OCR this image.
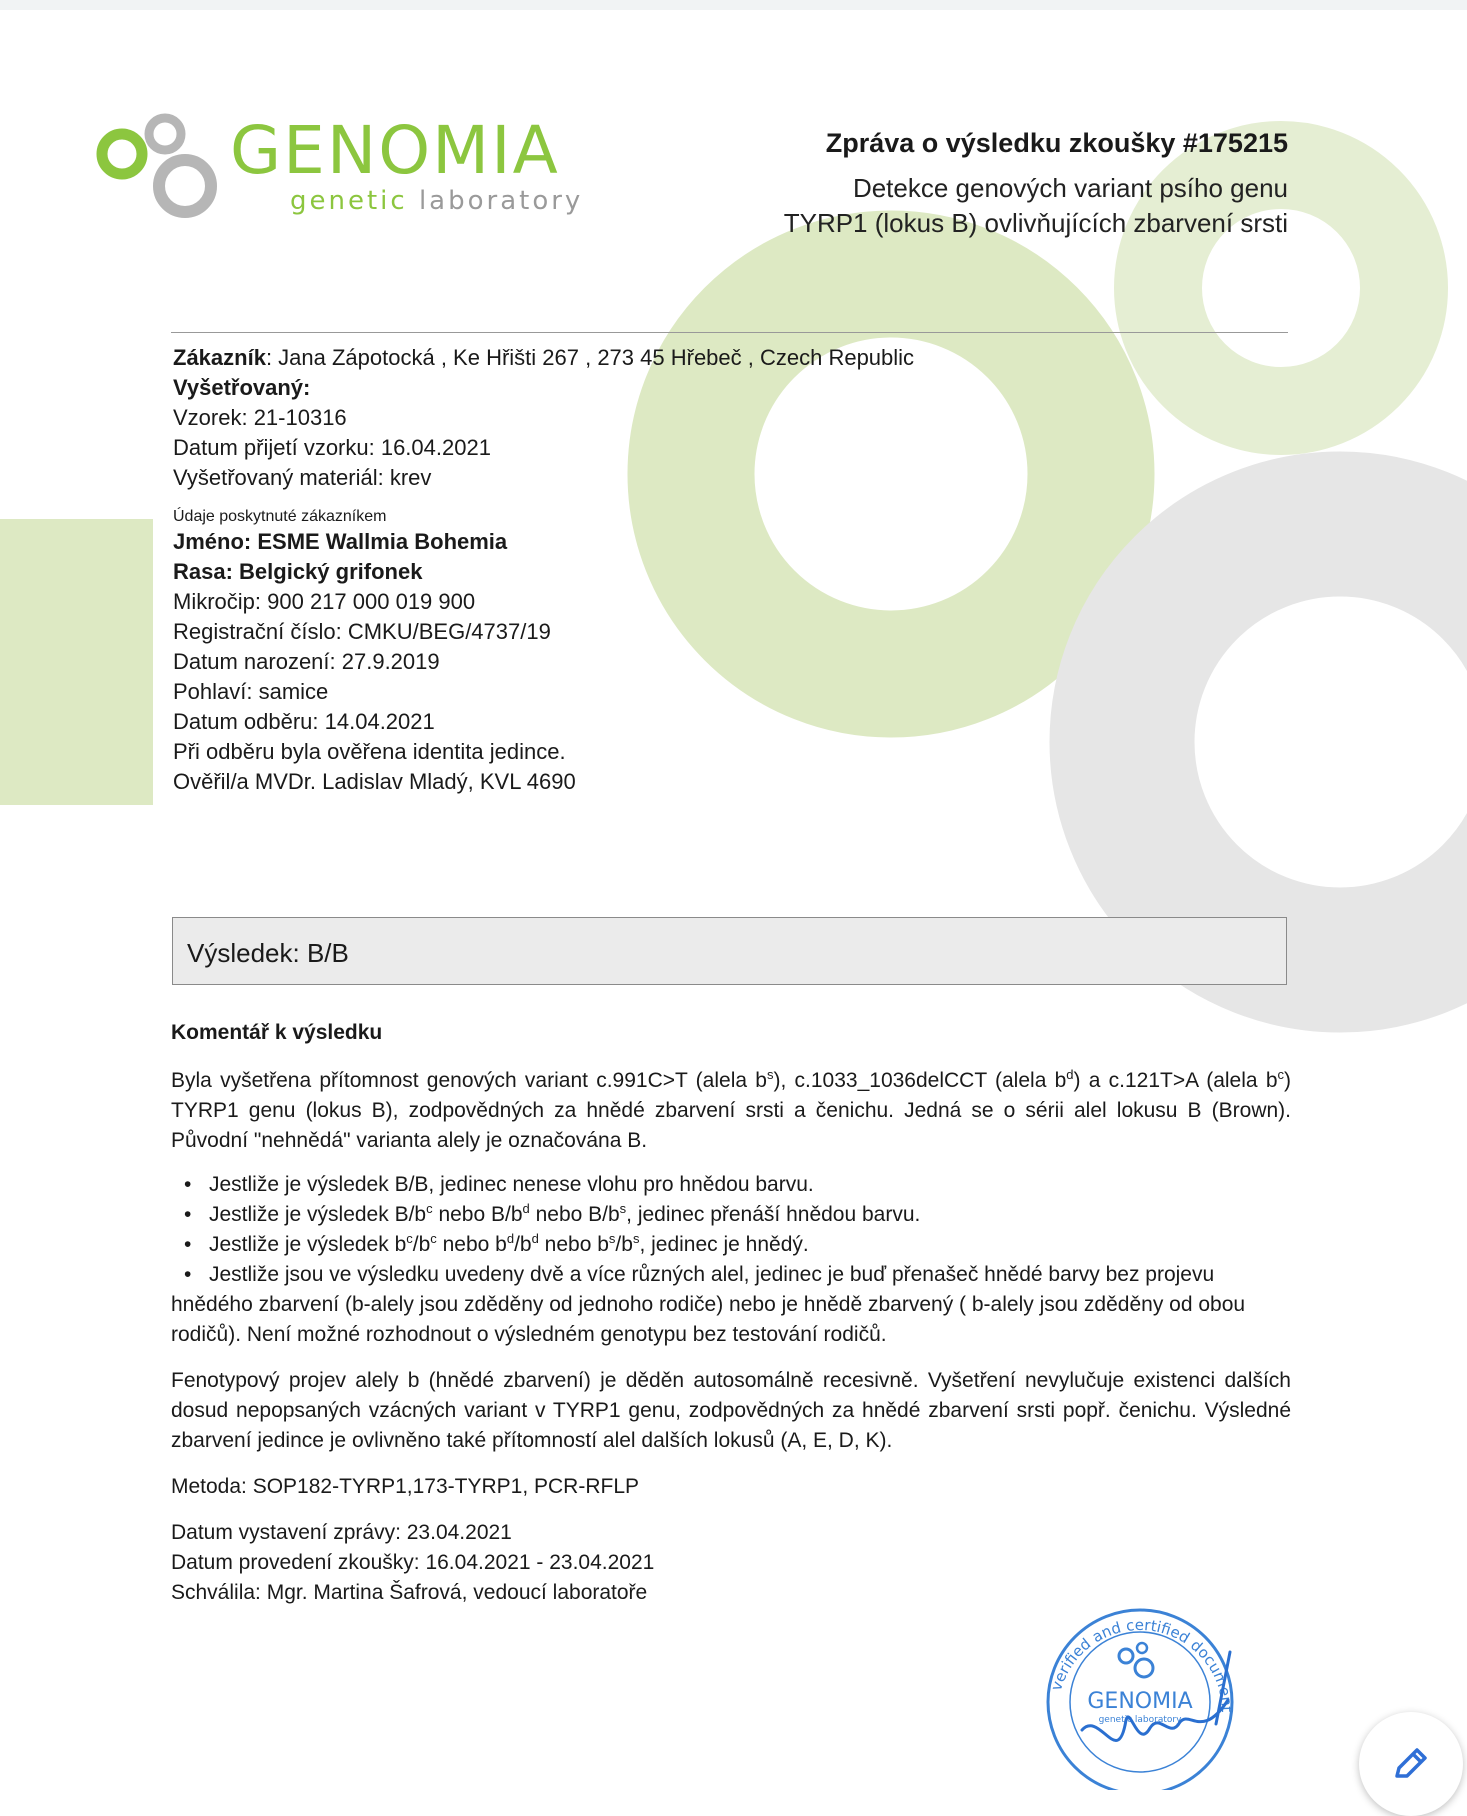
GENOMIA
genetic laboratory
Zpráva o výsledku zkoušky #175215
Detekce genových variant psího genu
TYRP1 (lokus B) ovlivňujících zbarvení srsti

Zákazník: Jana Zápotocká , Ke Hřišti 267 , 273 45 Hřebeč , Czech Republic

Vyšetřovaný:

Vzorek: 21-10316

Datum přijetí vzorku: 16.04.2021

Vyšetřovaný materiál: krev

Údaje poskytnuté zákazníkem

Jméno: ESME Wallmia Bohemia

Rasa: Belgický grifonek

Mikročip: 900 217 000 019 900

Registrační číslo: CMKU/BEG/4737/19

Datum narození: 27.9.2019

Pohlaví: samice

Datum odběru: 14.04.2021

Při odběru byla ověřena identita jedince.

Ověřil/a MVDr. Ladislav Mladý, KVL 4690

Výsledek: B/B

Komentář k výsledku

Byla vyšetřena přítomnost genových variant c.991C>T (alela $b^s$), c.1033_1036delCCT (alela $b^d$) a c.121T>A (alela $b^c$) TYRP1 genu (lokus B), zodpovědných za hnědé zbarvení srsti a čenichu. Jedná se o sérii alel lokusu B (Brown). Původní "nehnědá" varianta alely je označována B.

• Jestliže je výsledek B/B, jedinec nenese vlohu pro hnědou barvu.
• Jestliže je výsledek $B/b^c$ nebo $B/b^d$ nebo $B/b^s$, jedinec přenáší hnědou barvu.
• Jestliže je výsledek $b^c/b^c$ nebo $b^d/b^d$ nebo $b^s/b^s$, jedinec je hnědý.
• Jestliže jsou ve výsledku uvedeny dvě a více různých alel, jedinec je buď přenašeč hnědé barvy bez projevu hnědého zbarvení (b-alely jsou zděděny od jednoho rodiče) nebo je hnědě zbarvený ( b-alely jsou zděděny od obou rodičů). Není možné rozhodnout o výsledném genotypu bez testování rodičů.

Fenotypový projev alely b (hnědé zbarvení) je děděn autosomálně recesivně. Vyšetření nevylučuje existenci dalších dosud nepopsaných vzácných variant v TYRP1 genu, zodpovědných za hnědé zbarvení srsti popř. čenichu. Výsledné zbarvení jedince je ovlivněno také přítomností alel dalších lokusů (A, E, D, K).

Metoda: SOP182-TYRP1,173-TYRP1, PCR-RFLP

Datum vystavení zprávy: 23.04.2021

Datum provedení zkoušky: 16.04.2021 - 23.04.2021

Schválila: Mgr. Martina Šafrová, vedoucí laboratoře

verified and certified document
GENOMIA
genetic laboratory
